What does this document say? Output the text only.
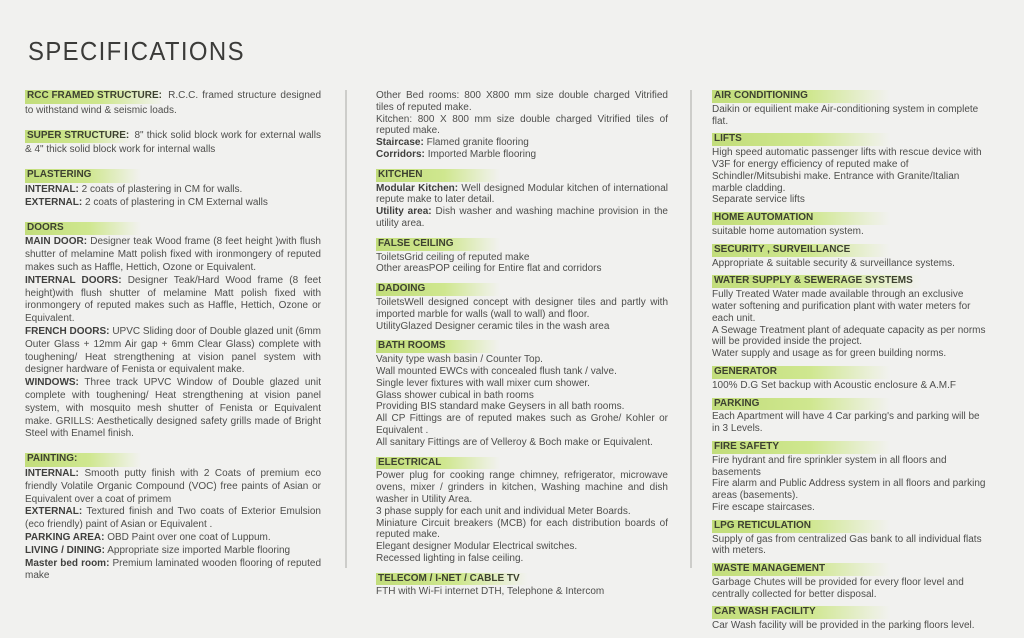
SPECIFICATIONS

RCC FRAMED STRUCTURE: R.C.C. framed structure designed to withstand wind & seismic loads.

SUPER STRUCTURE: 8" thick solid block work for external walls & 4" thick solid block work for internal walls

PLASTERING

INTERNAL: 2 coats of plastering in CM for walls.

EXTERNAL: 2 coats of plastering in CM External walls

DOORS

MAIN DOOR: Designer teak Wood frame (8 feet height )with flush shutter of melamine Matt polish fixed with ironmongery of reputed makes such as Haffle, Hettich, Ozone or Equivalent.

INTERNAL DOORS: Designer Teak/Hard Wood frame (8 feet height)with flush shutter of melamine Matt polish fixed with ironmongery of reputed makes such as Haffle, Hettich, Ozone or Equivalent.

FRENCH DOORS: UPVC Sliding door of Double glazed unit (6mm Outer Glass + 12mm Air gap + 6mm Clear Glass) complete with toughening/ Heat strengthening at vision panel system with designer hardware of Fenista or equivalent make.

WINDOWS: Three track UPVC Window of Double glazed unit complete with toughening/ Heat strengthening at vision panel system, with mosquito mesh shutter of Fenista or Equivalent make. GRILLS: Aesthetically designed safety grills made of Bright Steel with Enamel finish.

PAINTING:

INTERNAL: Smooth putty finish with 2 Coats of premium eco friendly Volatile Organic Compound (VOC) free paints of Asian or Equivalent over a coat of primem

EXTERNAL: Textured finish and Two coats of Exterior Emulsion (eco friendly) paint of Asian or Equivalent .

PARKING AREA: OBD Paint over one coat of Luppum.

LIVING / DINING: Appropriate size imported Marble flooring

Master bed room: Premium laminated wooden flooring of reputed make

Other Bed rooms: 800 X800 mm size double charged Vitrified tiles of reputed make.

Kitchen: 800 X 800 mm size double charged Vitrified tiles of reputed make.

Staircase: Flamed granite flooring

Corridors: Imported Marble flooring

KITCHEN

Modular Kitchen: Well designed Modular kitchen of international repute make to later detail.

Utility area: Dish washer and washing machine provision in the utility area.

FALSE CEILING

ToiletsGrid ceiling of reputed make

Other areasPOP ceiling for Entire flat and corridors

DADOING

ToiletsWell designed concept with designer tiles and partly with imported marble for walls (wall to wall) and floor.

UtilityGlazed Designer ceramic tiles in the wash area

BATH ROOMS

Vanity type wash basin / Counter Top.

Wall mounted EWCs with concealed flush tank / valve.

Single lever fixtures with wall mixer cum shower.

Glass shower cubical in bath rooms

Providing BIS standard make Geysers in all bath rooms.

All CP Fittings are of reputed makes such as Grohe/ Kohler or Equivalent .

All sanitary Fittings are of Velleroy & Boch make or Equivalent.

ELECTRICAL

Power plug for cooking range chimney, refrigerator, microwave ovens, mixer / grinders in kitchen, Washing machine and dish washer in Utility Area.

3 phase supply for each unit and individual Meter Boards.

Miniature Circuit breakers (MCB) for each distribution boards of reputed make.

Elegant designer Modular Electrical switches.

Recessed lighting in false ceiling.

TELECOM / I-NET / CABLE TV

FTH with Wi-Fi internet DTH, Telephone & Intercom

AIR CONDITIONING

Daikin or equilient make Air-conditioning system in complete flat.

LIFTS

High speed automatic passenger lifts with rescue device with V3F for energy efficiency of reputed make of Schindler/Mitsubishi make. Entrance with Granite/Italian marble cladding.

Separate service lifts

HOME AUTOMATION

suitable home automation system.

SECURITY , SURVEILLANCE

Appropriate & suitable security & surveillance systems.

WATER SUPPLY & SEWERAGE SYSTEMS

Fully Treated Water made available through an exclusive water softening and purification plant with water meters for each unit.

A Sewage Treatment plant of adequate capacity as per norms will be provided inside the project.

Water supply and usage as for green building norms.

GENERATOR

100% D.G Set backup with Acoustic enclosure & A.M.F

PARKING

Each Apartment will have 4 Car parking's and parking will be in 3 Levels.

FIRE SAFETY

Fire hydrant and fire sprinkler system in all floors and basements

Fire alarm and Public Address system in all floors and parking areas (basements).

Fire escape staircases.

LPG RETICULATION

Supply of gas from centralized Gas bank to all individual flats with meters.

WASTE MANAGEMENT

Garbage Chutes will be provided for every floor level and centrally collected for better disposal.

CAR WASH FACILITY

Car Wash facility will be provided in the parking floors level.
